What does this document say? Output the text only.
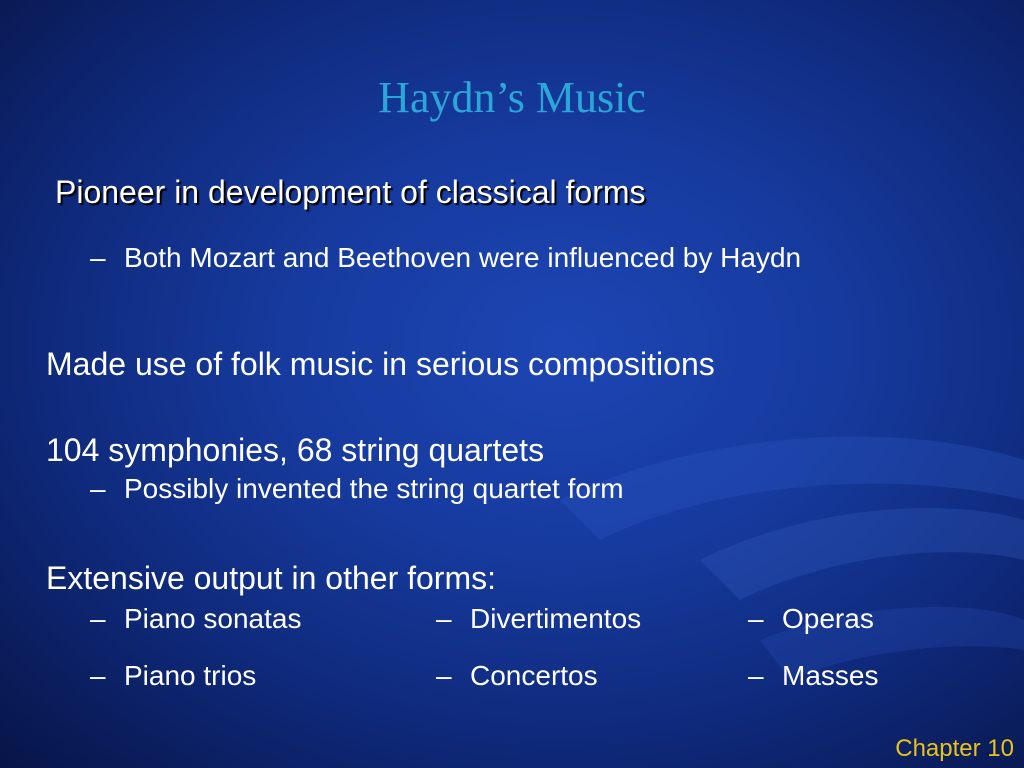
Haydn’s Music
Pioneer in development of classical forms
– Both Mozart and Beethoven were influenced by Haydn
Made use of folk music in serious compositions
104 symphonies, 68 string quartets
– Possibly invented the string quartet form
Extensive output in other forms:
– Piano sonatas	– Divertimentos	– Operas
– Piano trios	– Concertos	– Masses
Chapter 10
